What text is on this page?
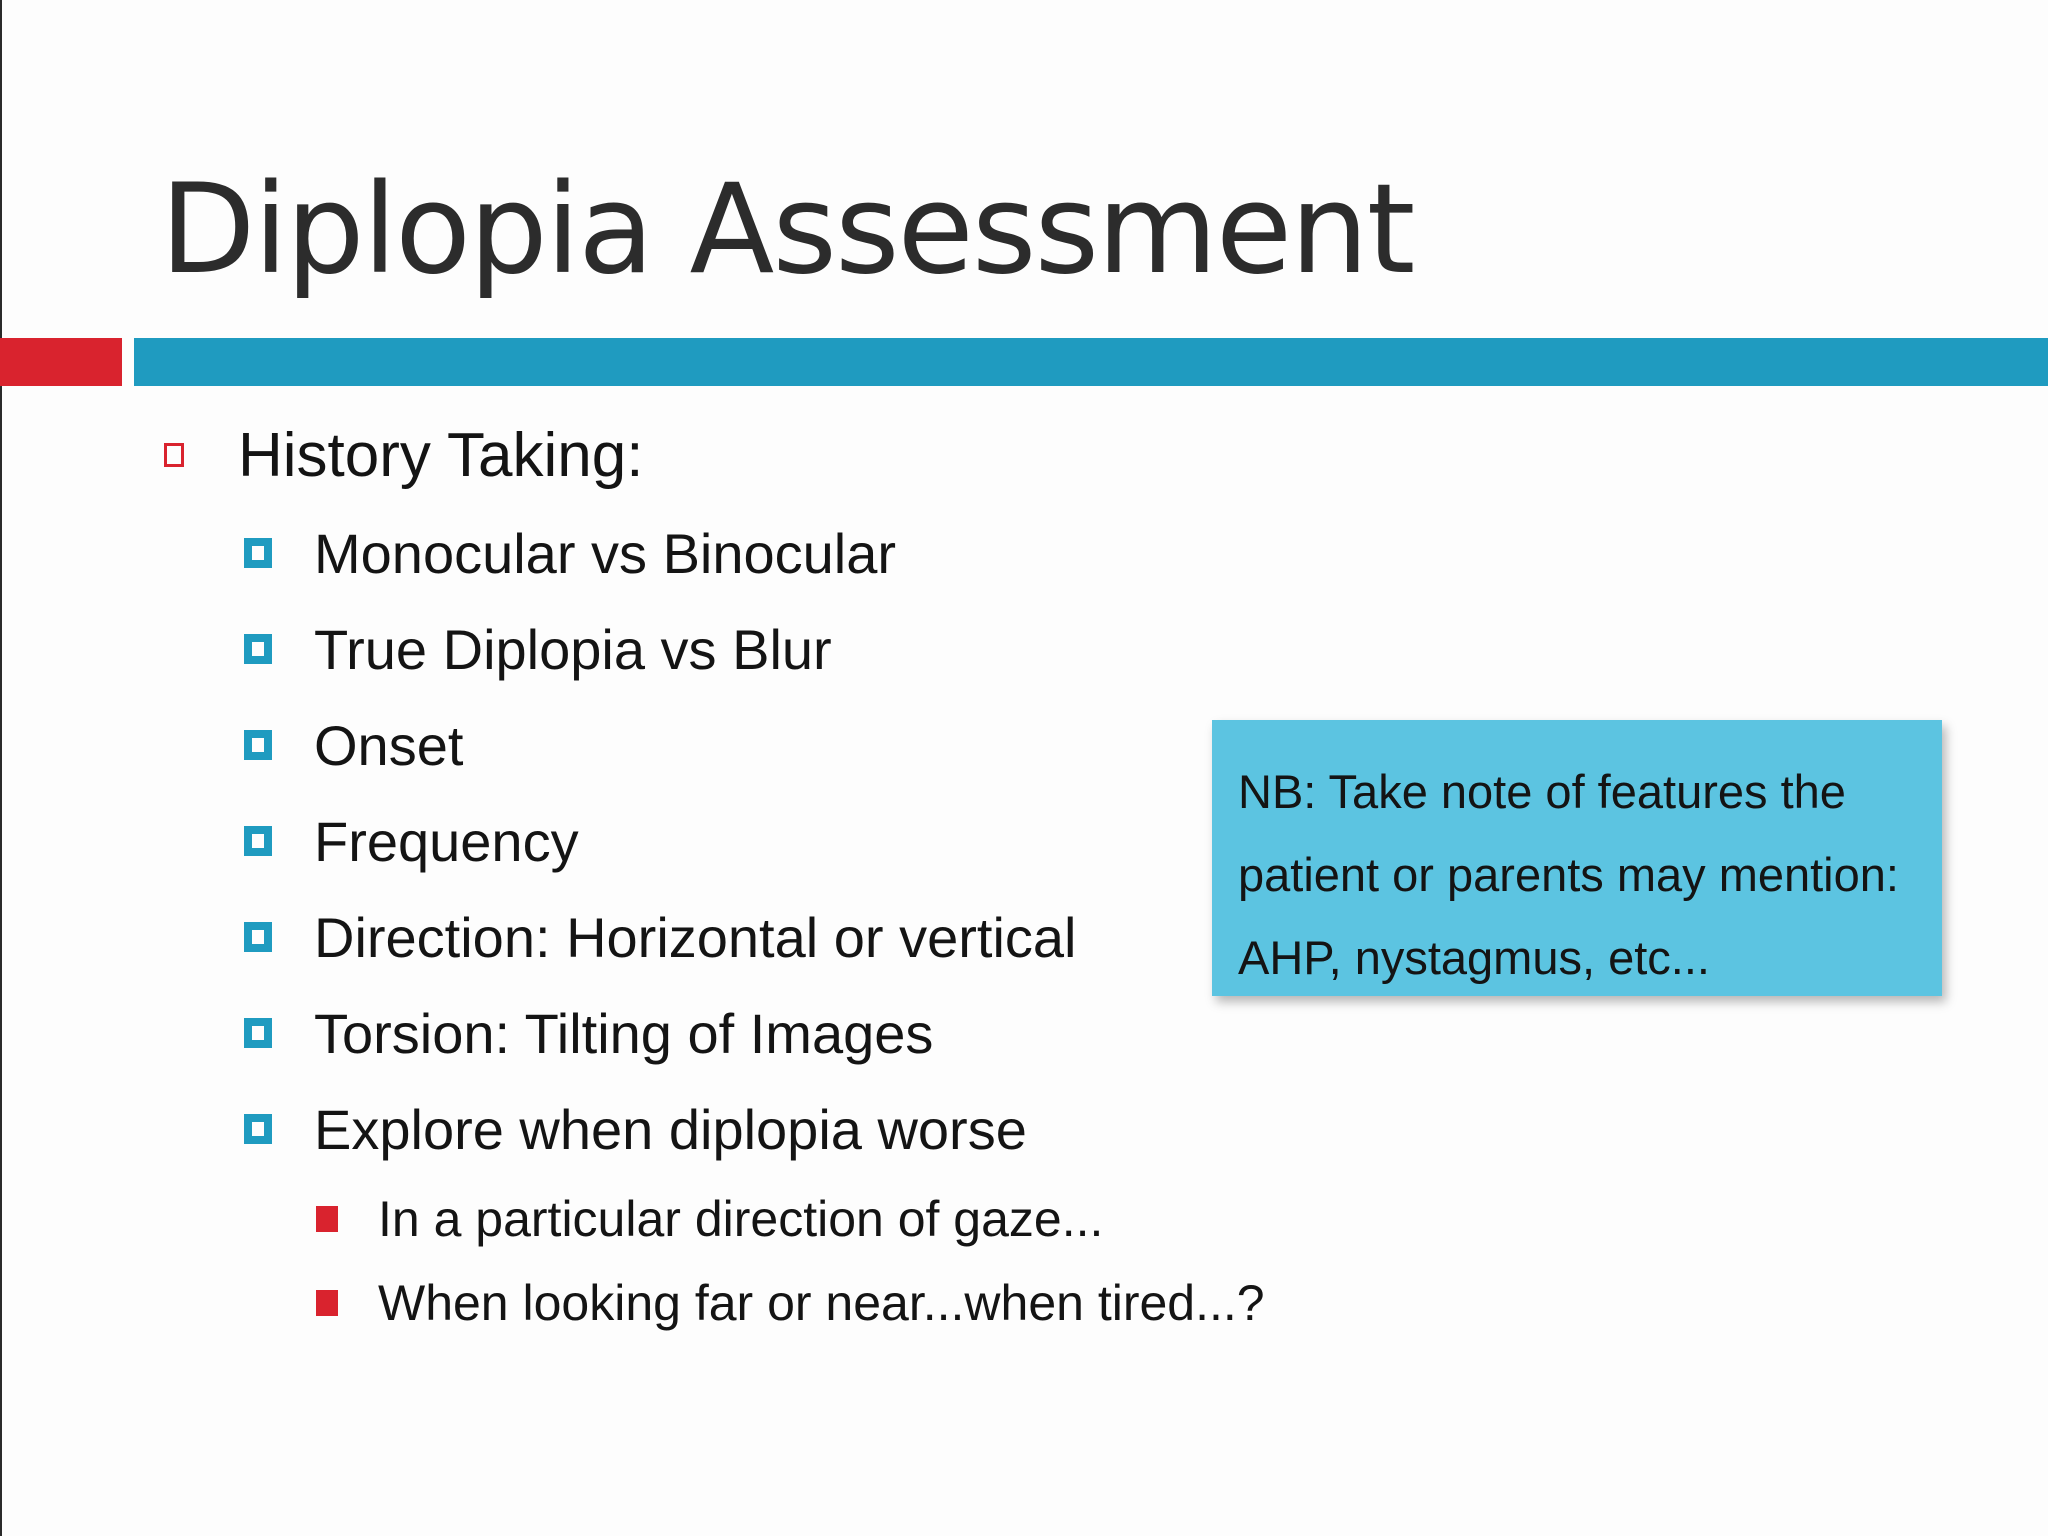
Diplopia Assessment
History Taking:
Monocular vs Binocular
True Diplopia vs Blur
Onset
Frequency
Direction: Horizontal or vertical
Torsion: Tilting of Images
Explore when diplopia worse
In a particular direction of gaze...
When looking far or near...when tired...?
NB: Take note of features the
patient or parents may mention:
AHP, nystagmus, etc...
